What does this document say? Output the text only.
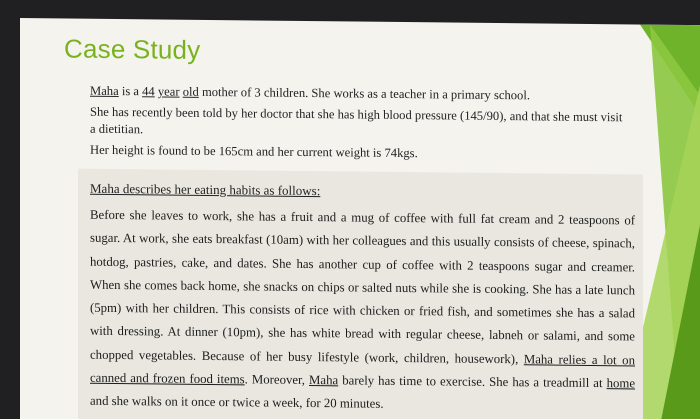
Case Study

Maha is a 44 year old mother of 3 children. She works as a teacher in a primary school.

She has recently been told by her doctor that she has high blood pressure (145/90), and that she must visit a dietitian.

Her height is found to be 165cm and her current weight is 74kgs.

Maha describes her eating habits as follows:
Before she leaves to work, she has a fruit and a mug of coffee with full fat cream and 2 teaspoons of sugar. At work, she eats breakfast (10am) with her colleagues and this usually consists of cheese, spinach, hotdog, pastries, cake, and dates. She has another cup of coffee with 2 teaspoons sugar and creamer. When she comes back home, she snacks on chips or salted nuts while she is cooking. She has a late lunch (5pm) with her children. This consists of rice with chicken or fried fish, and sometimes she has a salad with dressing. At dinner (10pm), she has white bread with regular cheese, labneh or salami, and some chopped vegetables. Because of her busy lifestyle (work, children, housework), Maha relies a lot on canned and frozen food items. Moreover, Maha barely has time to exercise. She has a treadmill at home and she walks on it once or twice a week, for 20 minutes.
